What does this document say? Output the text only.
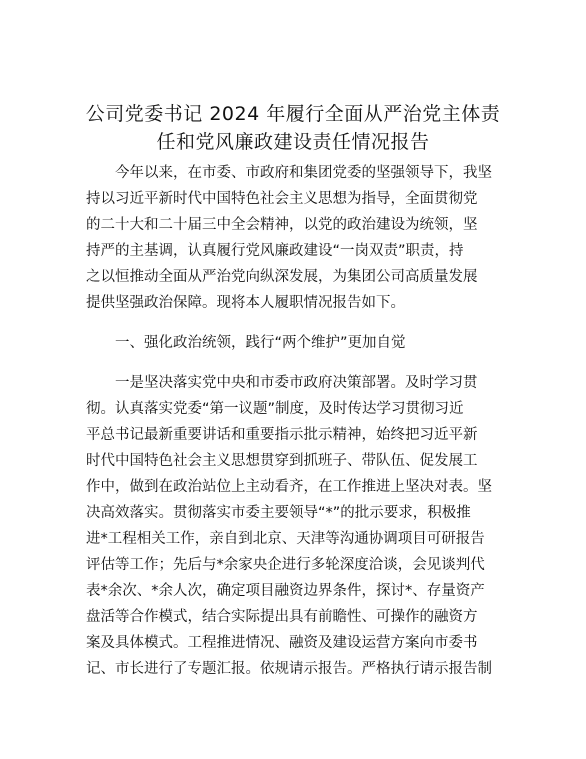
公司党委书记 2024 年履行全面从严治党主体责
任和党风廉政建设责任情况报告
　　今年以来，在市委、市政府和集团党委的坚强领导下，我坚
持以习近平新时代中国特色社会主义思想为指导，全面贯彻党
的二十大和二十届三中全会精神，以党的政治建设为统领，坚
持严的主基调，认真履行党风廉政建设“一岗双责”职责，持
之以恒推动全面从严治党向纵深发展，为集团公司高质量发展
提供坚强政治保障。现将本人履职情况报告如下。
　　一、强化政治统领，践行“两个维护”更加自觉
　　一是坚决落实党中央和市委市政府决策部署。及时学习贯
彻。认真落实党委“第一议题”制度，及时传达学习贯彻习近
平总书记最新重要讲话和重要指示批示精神，始终把习近平新
时代中国特色社会主义思想贯穿到抓班子、带队伍、促发展工
作中，做到在政治站位上主动看齐，在工作推进上坚决对表。坚
决高效落实。贯彻落实市委主要领导“*”的批示要求，积极推
进*工程相关工作，亲自到北京、天津等沟通协调项目可研报告
评估等工作；先后与*余家央企进行多轮深度洽谈，会见谈判代
表*余次、*余人次，确定项目融资边界条件，探讨*、存量资产
盘活等合作模式，结合实际提出具有前瞻性、可操作的融资方
案及具体模式。工程推进情况、融资及建设运营方案向市委书
记、市长进行了专题汇报。依规请示报告。严格执行请示报告制
